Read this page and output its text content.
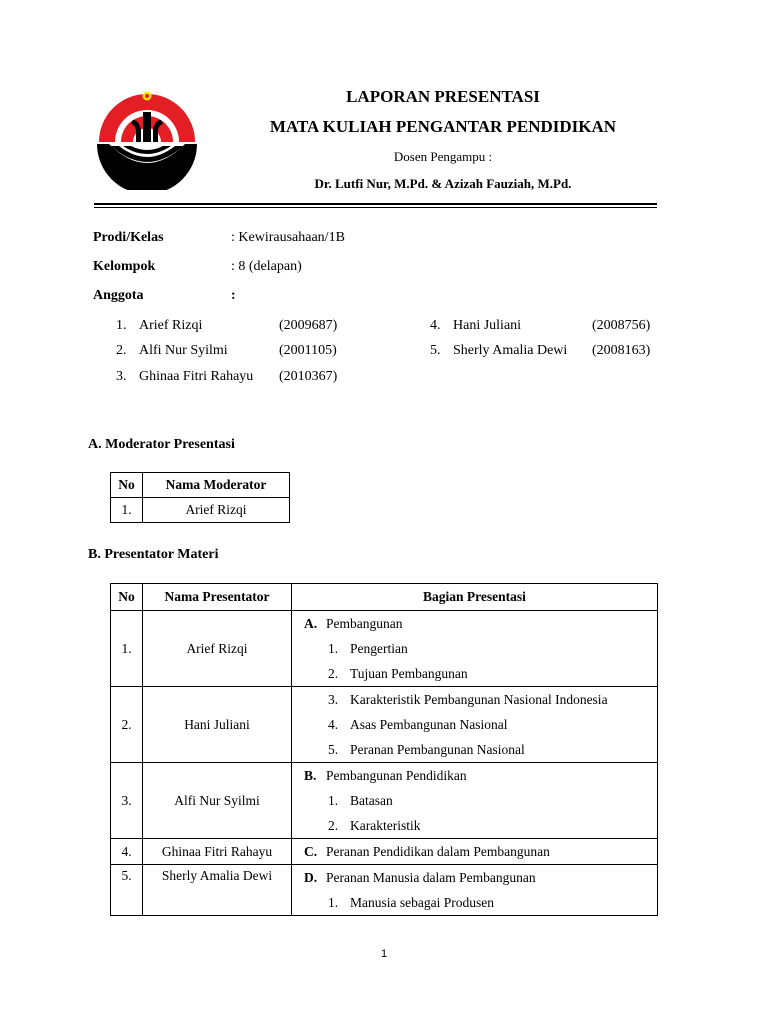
LAPORAN PRESENTASI
MATA KULIAH PENGANTAR PENDIDIKAN
Dosen Pengampu :
Dr. Lutfi Nur, M.Pd. & Azizah Fauziah, M.Pd.
Prodi/Kelas	: Kewirausahaan/1B
Kelompok	: 8 (delapan)
Anggota	:
1. Arief Rizqi	(2009687)
2. Alfi Nur Syilmi	(2001105)
3. Ghinaa Fitri Rahayu (2010367)
4. Hani Juliani	(2008756)
5. Sherly Amalia Dewi (2008163)
A. Moderator Presentasi
No	Nama Moderator
1.	Arief Rizqi
B. Presentator Materi
No	Nama Presentator	Bagian Presentasi
1.	Arief Rizqi	A. Pembangunan
1. Pengertian
2. Tujuan Pembangunan

2.	Hani Juliani	3. Karakteristik Pembangunan Nasional Indonesia
4. Asas Pembangunan Nasional
5. Peranan Pembangunan Nasional

3.	Alfi Nur Syilmi	B. Pembangunan Pendidikan
1. Batasan
2. Karakteristik

4.	Ghinaa Fitri Rahayu	C. Peranan Pendidikan dalam Pembangunan

5.	Sherly Amalia Dewi	D. Peranan Manusia dalam Pembangunan
1. Manusia sebagai Produsen
1
